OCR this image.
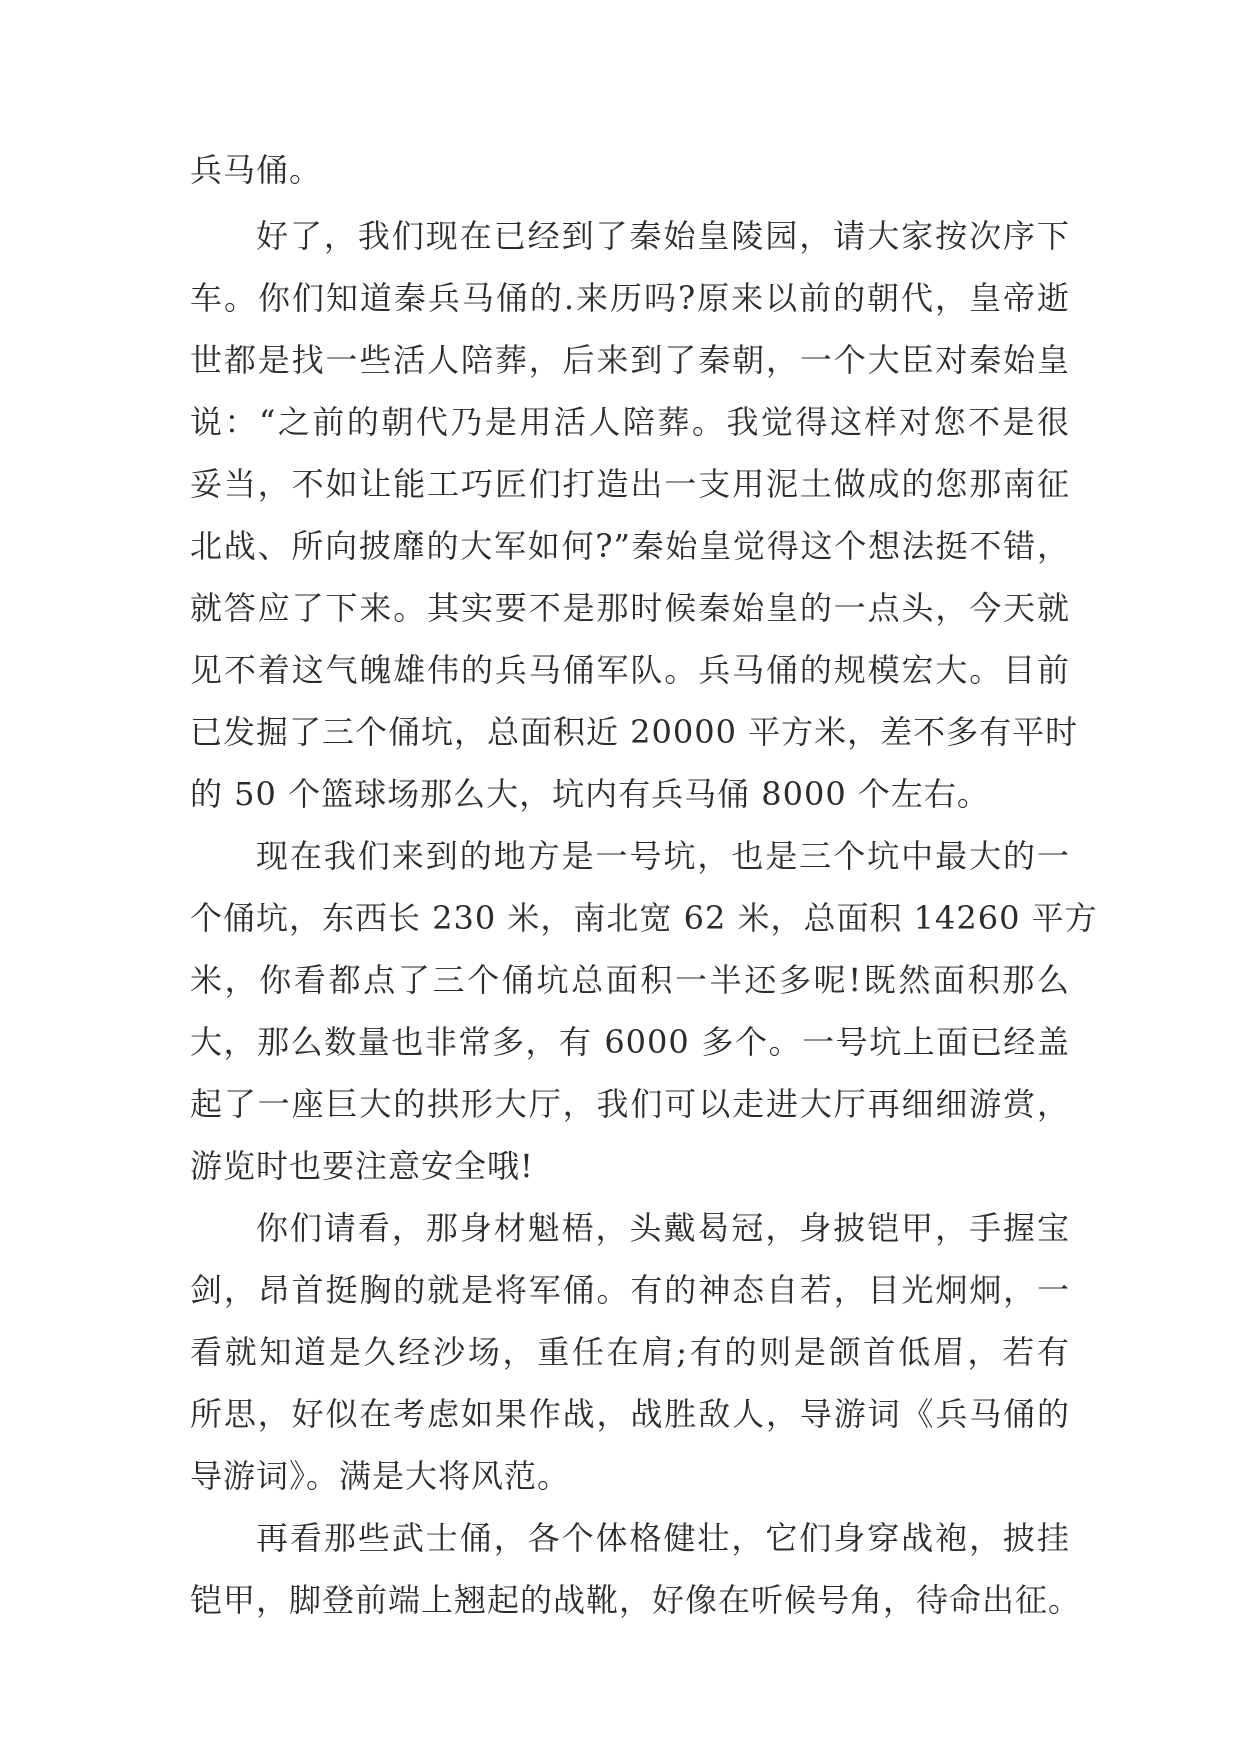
兵马俑。
好了，我们现在已经到了秦始皇陵园，请大家按次序下
车。你们知道秦兵马俑的.来历吗?原来以前的朝代，皇帝逝
世都是找一些活人陪葬，后来到了秦朝，一个大臣对秦始皇
说：“之前的朝代乃是用活人陪葬。我觉得这样对您不是很
妥当，不如让能工巧匠们打造出一支用泥土做成的您那南征
北战、所向披靡的大军如何?”秦始皇觉得这个想法挺不错，
就答应了下来。其实要不是那时候秦始皇的一点头，今天就
见不着这气魄雄伟的兵马俑军队。兵马俑的规模宏大。目前
已发掘了三个俑坑，总面积近 20000 平方米，差不多有平时
的 50 个篮球场那么大，坑内有兵马俑 8000 个左右。
现在我们来到的地方是一号坑，也是三个坑中最大的一
个俑坑，东西长 230 米，南北宽 62 米，总面积 14260 平方
米，你看都点了三个俑坑总面积一半还多呢!既然面积那么
大，那么数量也非常多，有 6000 多个。一号坑上面已经盖
起了一座巨大的拱形大厅，我们可以走进大厅再细细游赏，
游览时也要注意安全哦!
你们请看，那身材魁梧，头戴曷冠，身披铠甲，手握宝
剑，昂首挺胸的就是将军俑。有的神态自若，目光炯炯，一
看就知道是久经沙场，重任在肩;有的则是颌首低眉，若有
所思，好似在考虑如果作战，战胜敌人，导游词《兵马俑的
导游词》。满是大将风范。
再看那些武士俑，各个体格健壮，它们身穿战袍，披挂
铠甲，脚登前端上翘起的战靴，好像在听候号角，待命出征。
